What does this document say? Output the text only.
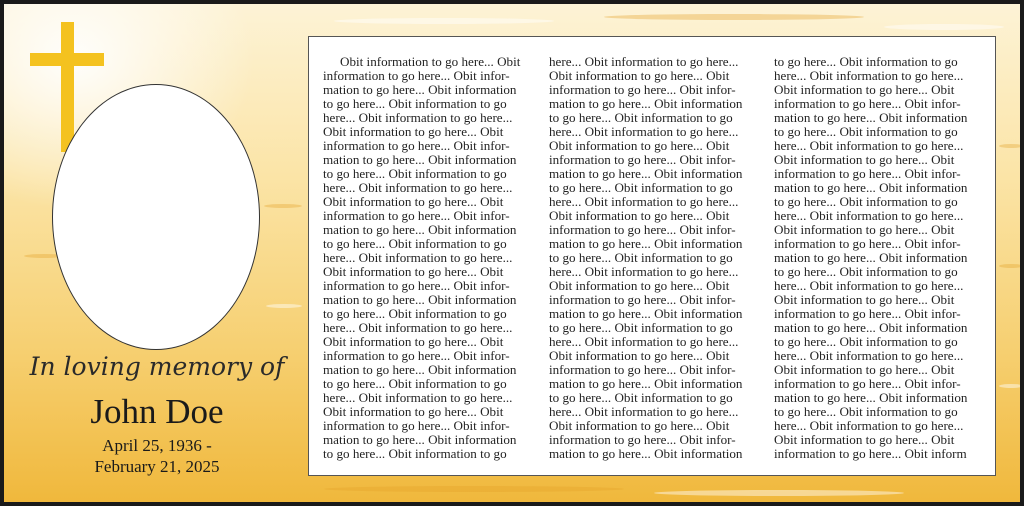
In loving memory of

John Doe

April 25, 1936 -

February 21, 2025

Obit information to go here... Obit
information to go here... Obit infor-
mation to go here... Obit information
to go here... Obit information to go
here... Obit information to go here...
Obit information to go here... Obit
information to go here... Obit infor-
mation to go here... Obit information
to go here... Obit information to go
here... Obit information to go here...
Obit information to go here... Obit
information to go here... Obit infor-
mation to go here... Obit information
to go here... Obit information to go
here... Obit information to go here...
Obit information to go here... Obit
information to go here... Obit infor-
mation to go here... Obit information
to go here... Obit information to go
here... Obit information to go here...
Obit information to go here... Obit
information to go here... Obit infor-
mation to go here... Obit information
to go here... Obit information to go
here... Obit information to go here...
Obit information to go here... Obit
information to go here... Obit infor-
mation to go here... Obit information
to go here... Obit information to go
here... Obit information to go here...
Obit information to go here... Obit
information to go here... Obit infor-
mation to go here... Obit information
to go here... Obit information to go
here... Obit information to go here...
Obit information to go here... Obit
information to go here... Obit infor-
mation to go here... Obit information
to go here... Obit information to go
here... Obit information to go here...
Obit information to go here... Obit
information to go here... Obit infor-
mation to go here... Obit information
to go here... Obit information to go
here... Obit information to go here...
Obit information to go here... Obit
information to go here... Obit infor-
mation to go here... Obit information
to go here... Obit information to go
here... Obit information to go here...
Obit information to go here... Obit
information to go here... Obit infor-
mation to go here... Obit information
to go here... Obit information to go
here... Obit information to go here...
Obit information to go here... Obit
information to go here... Obit infor-
mation to go here... Obit information
to go here... Obit information to go
here... Obit information to go here...
Obit information to go here... Obit
information to go here... Obit infor-
mation to go here... Obit information
to go here... Obit information to go
here... Obit information to go here...
Obit information to go here... Obit
information to go here... Obit infor-
mation to go here... Obit information
to go here... Obit information to go
here... Obit information to go here...
Obit information to go here... Obit
information to go here... Obit infor-
mation to go here... Obit information
to go here... Obit information to go
here... Obit information to go here...
Obit information to go here... Obit
information to go here... Obit infor-
mation to go here... Obit information
to go here... Obit information to go
here... Obit information to go here...
Obit information to go here... Obit
information to go here... Obit infor-
mation to go here... Obit information
to go here... Obit information to go
here... Obit information to go here...
Obit information to go here... Obit
information to go here... Obit inform
